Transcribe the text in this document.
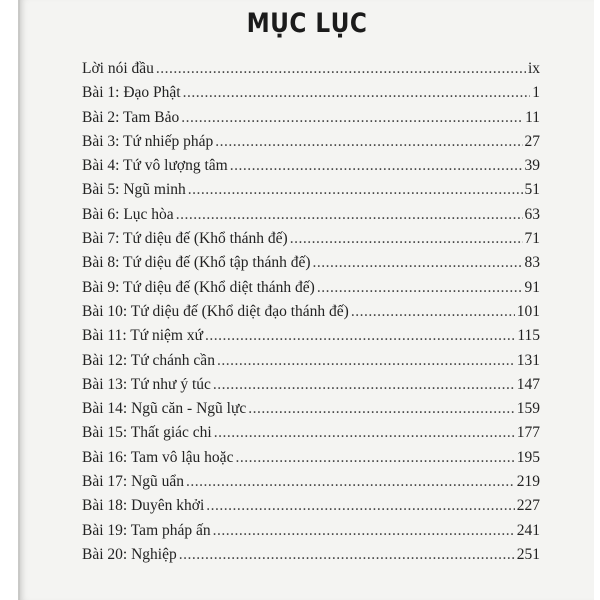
MỤC LỤC
Lời nói đầu .....	ix
Bài 1: Đạo Phật .....	1
Bài 2: Tam Bảo .....	11
Bài 3: Tứ nhiếp pháp .....	27
Bài 4: Tứ vô lượng tâm .....	39
Bài 5: Ngũ minh .....	51
Bài 6: Lục hòa .....	63
Bài 7: Tứ diệu đế (Khổ thánh đế) .....	71
Bài 8: Tứ diệu đế (Khổ tập thánh đế) .....	83
Bài 9: Tứ diệu đế (Khổ diệt thánh đế) .....	91
Bài 10: Tứ diệu đế (Khổ diệt đạo thánh đế) .....	101
Bài 11: Tứ niệm xứ .....	115
Bài 12: Tứ chánh cần .....	131
Bài 13: Tứ như ý túc .....	147
Bài 14: Ngũ căn - Ngũ lực .....	159
Bài 15: Thất giác chi .....	177
Bài 16: Tam vô lậu hoặc .....	195
Bài 17: Ngũ uẩn .....	219
Bài 18: Duyên khởi .....	227
Bài 19: Tam pháp ấn .....	241
Bài 20: Nghiệp .....	251
